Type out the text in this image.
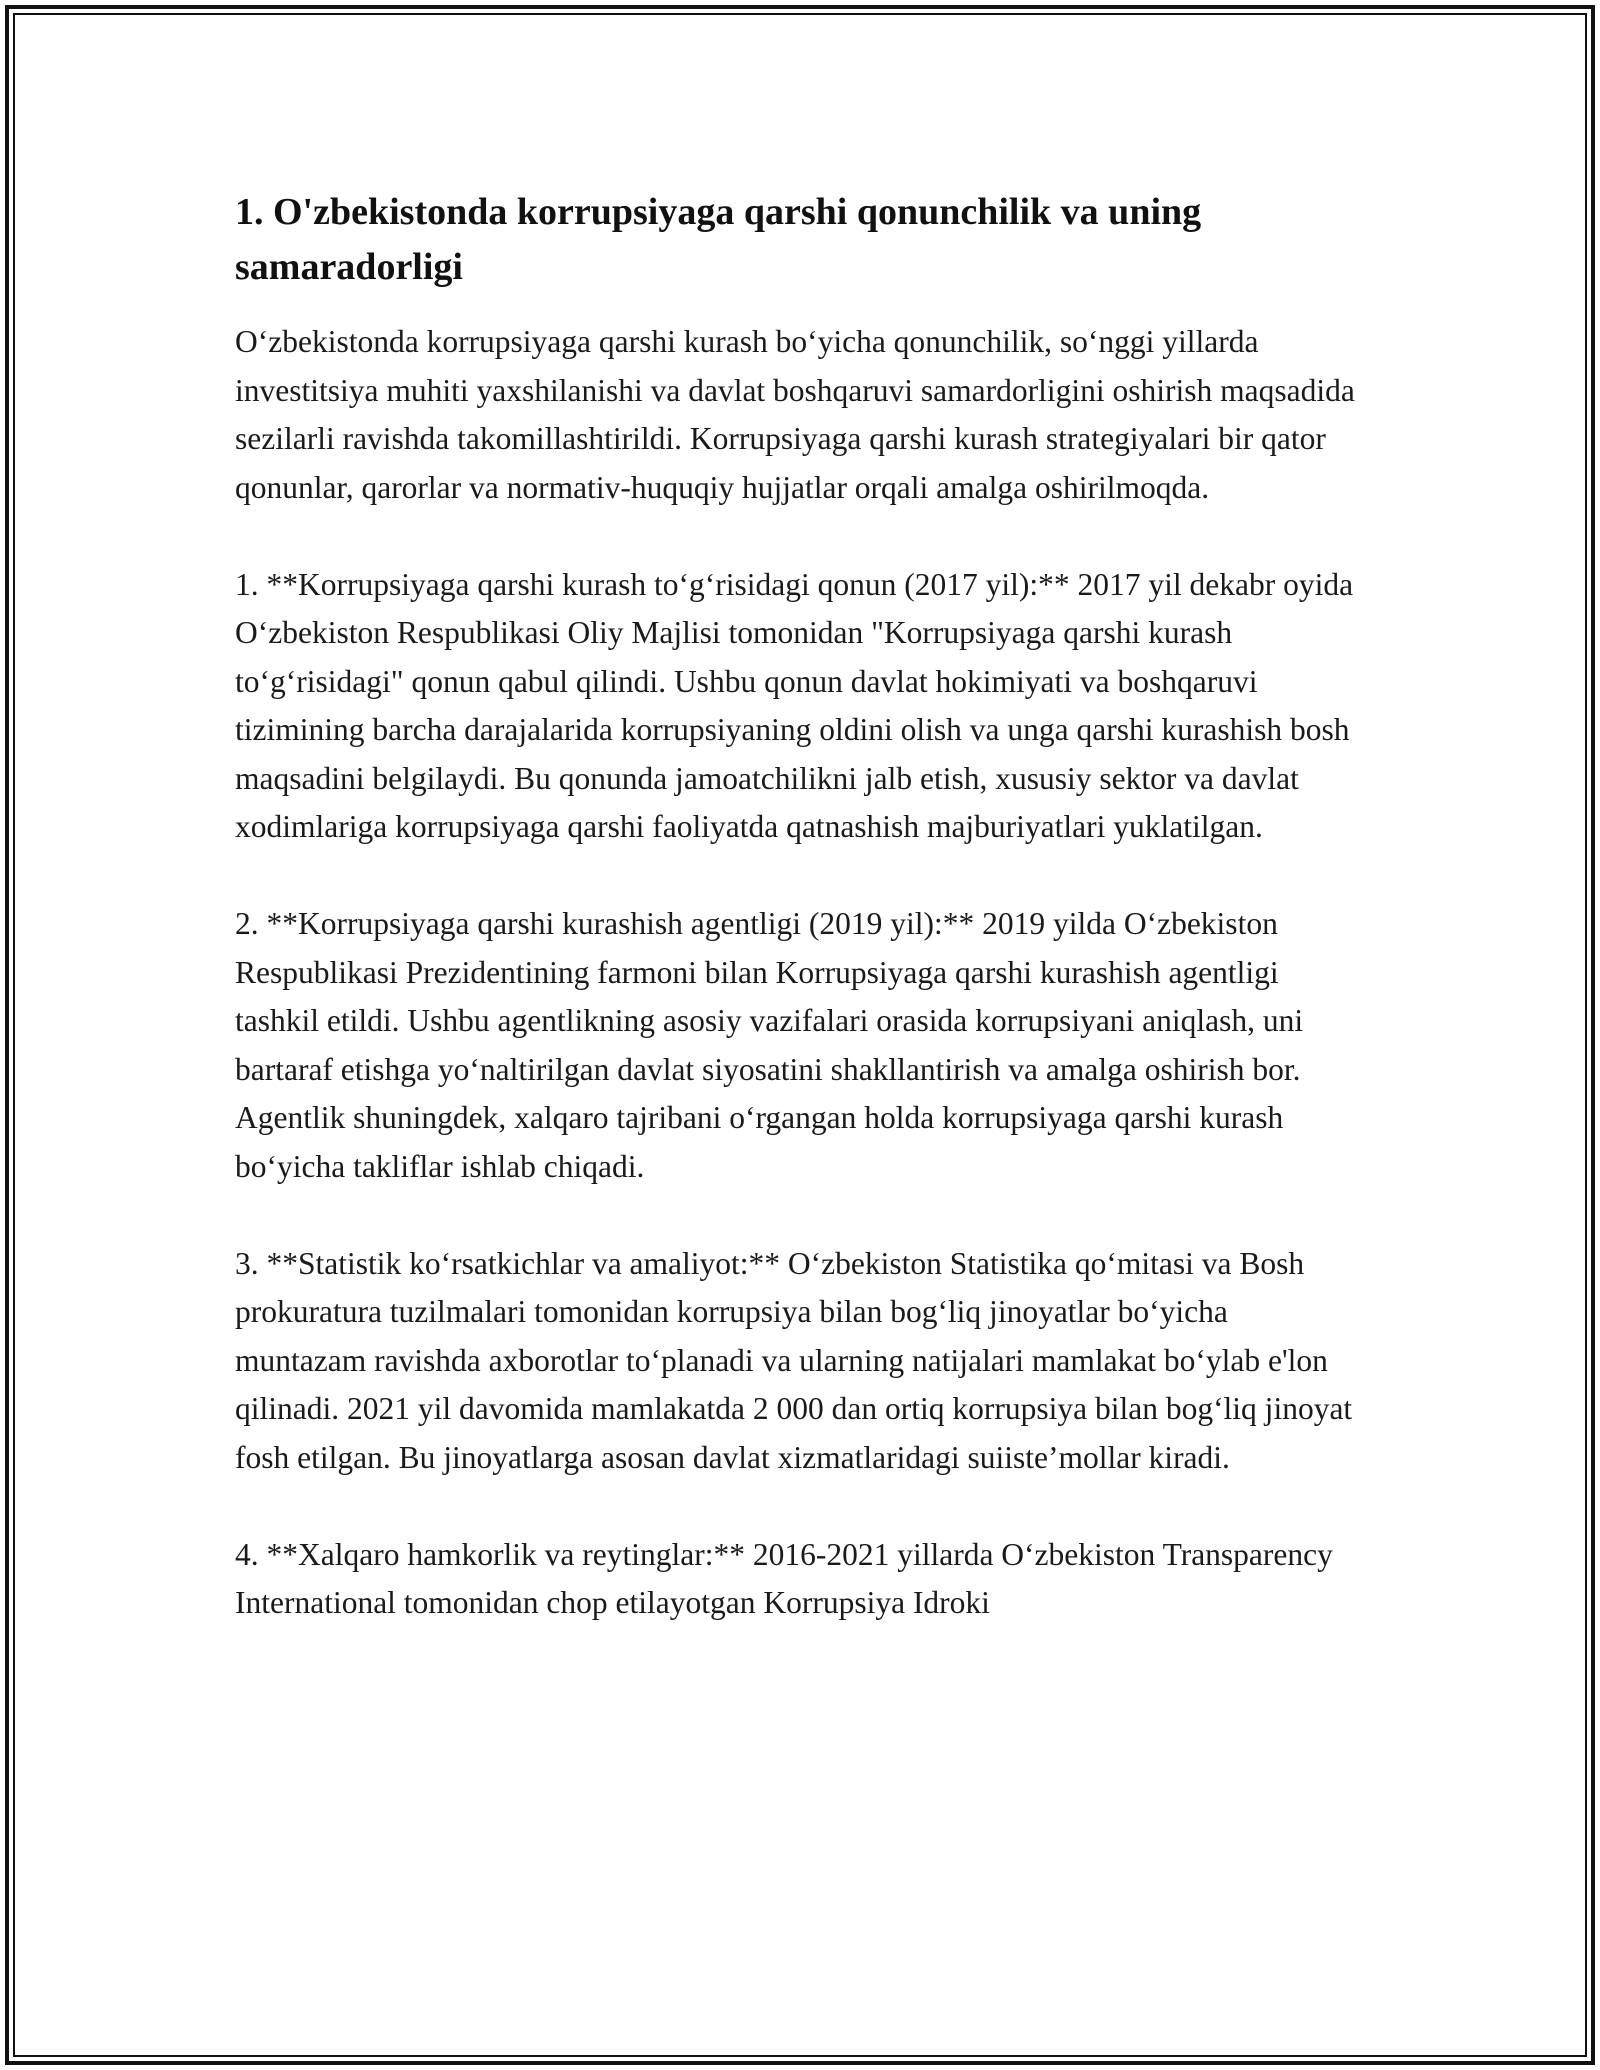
1. O'zbekistonda korrupsiyaga qarshi qonunchilik va uning samaradorligi

O‘zbekistonda korrupsiyaga qarshi kurash bo‘yicha qonunchilik, so‘nggi yillarda investitsiya muhiti yaxshilanishi va davlat boshqaruvi samardorligini oshirish maqsadida sezilarli ravishda takomillashtirildi. Korrupsiyaga qarshi kurash strategiyalari bir qator qonunlar, qarorlar va normativ-huquqiy hujjatlar orqali amalga oshirilmoqda.

1. **Korrupsiyaga qarshi kurash to‘g‘risidagi qonun (2017 yil):** 2017 yil dekabr oyida O‘zbekiston Respublikasi Oliy Majlisi tomonidan "Korrupsiyaga qarshi kurash to‘g‘risidagi" qonun qabul qilindi. Ushbu qonun davlat hokimiyati va boshqaruvi tizimining barcha darajalarida korrupsiyaning oldini olish va unga qarshi kurashish bosh maqsadini belgilaydi. Bu qonunda jamoatchilikni jalb etish, xususiy sektor va davlat xodimlariga korrupsiyaga qarshi faoliyatda qatnashish majburiyatlari yuklatilgan.

2. **Korrupsiyaga qarshi kurashish agentligi (2019 yil):** 2019 yilda O‘zbekiston Respublikasi Prezidentining farmoni bilan Korrupsiyaga qarshi kurashish agentligi tashkil etildi. Ushbu agentlikning asosiy vazifalari orasida korrupsiyani aniqlash, uni bartaraf etishga yo‘naltirilgan davlat siyosatini shakllantirish va amalga oshirish bor. Agentlik shuningdek, xalqaro tajribani o‘rgangan holda korrupsiyaga qarshi kurash bo‘yicha takliflar ishlab chiqadi.

3. **Statistik ko‘rsatkichlar va amaliyot:** O‘zbekiston Statistika qo‘mitasi va Bosh prokuratura tuzilmalari tomonidan korrupsiya bilan bog‘liq jinoyatlar bo‘yicha muntazam ravishda axborotlar to‘planadi va ularning natijalari mamlakat bo‘ylab e'lon qilinadi. 2021 yil davomida mamlakatda 2 000 dan ortiq korrupsiya bilan bog‘liq jinoyat fosh etilgan. Bu jinoyatlarga asosan davlat xizmatlaridagi suiiste’mollar kiradi.

4. **Xalqaro hamkorlik va reytinglar:** 2016-2021 yillarda O‘zbekiston Transparency International tomonidan chop etilayotgan Korrupsiya Idroki
